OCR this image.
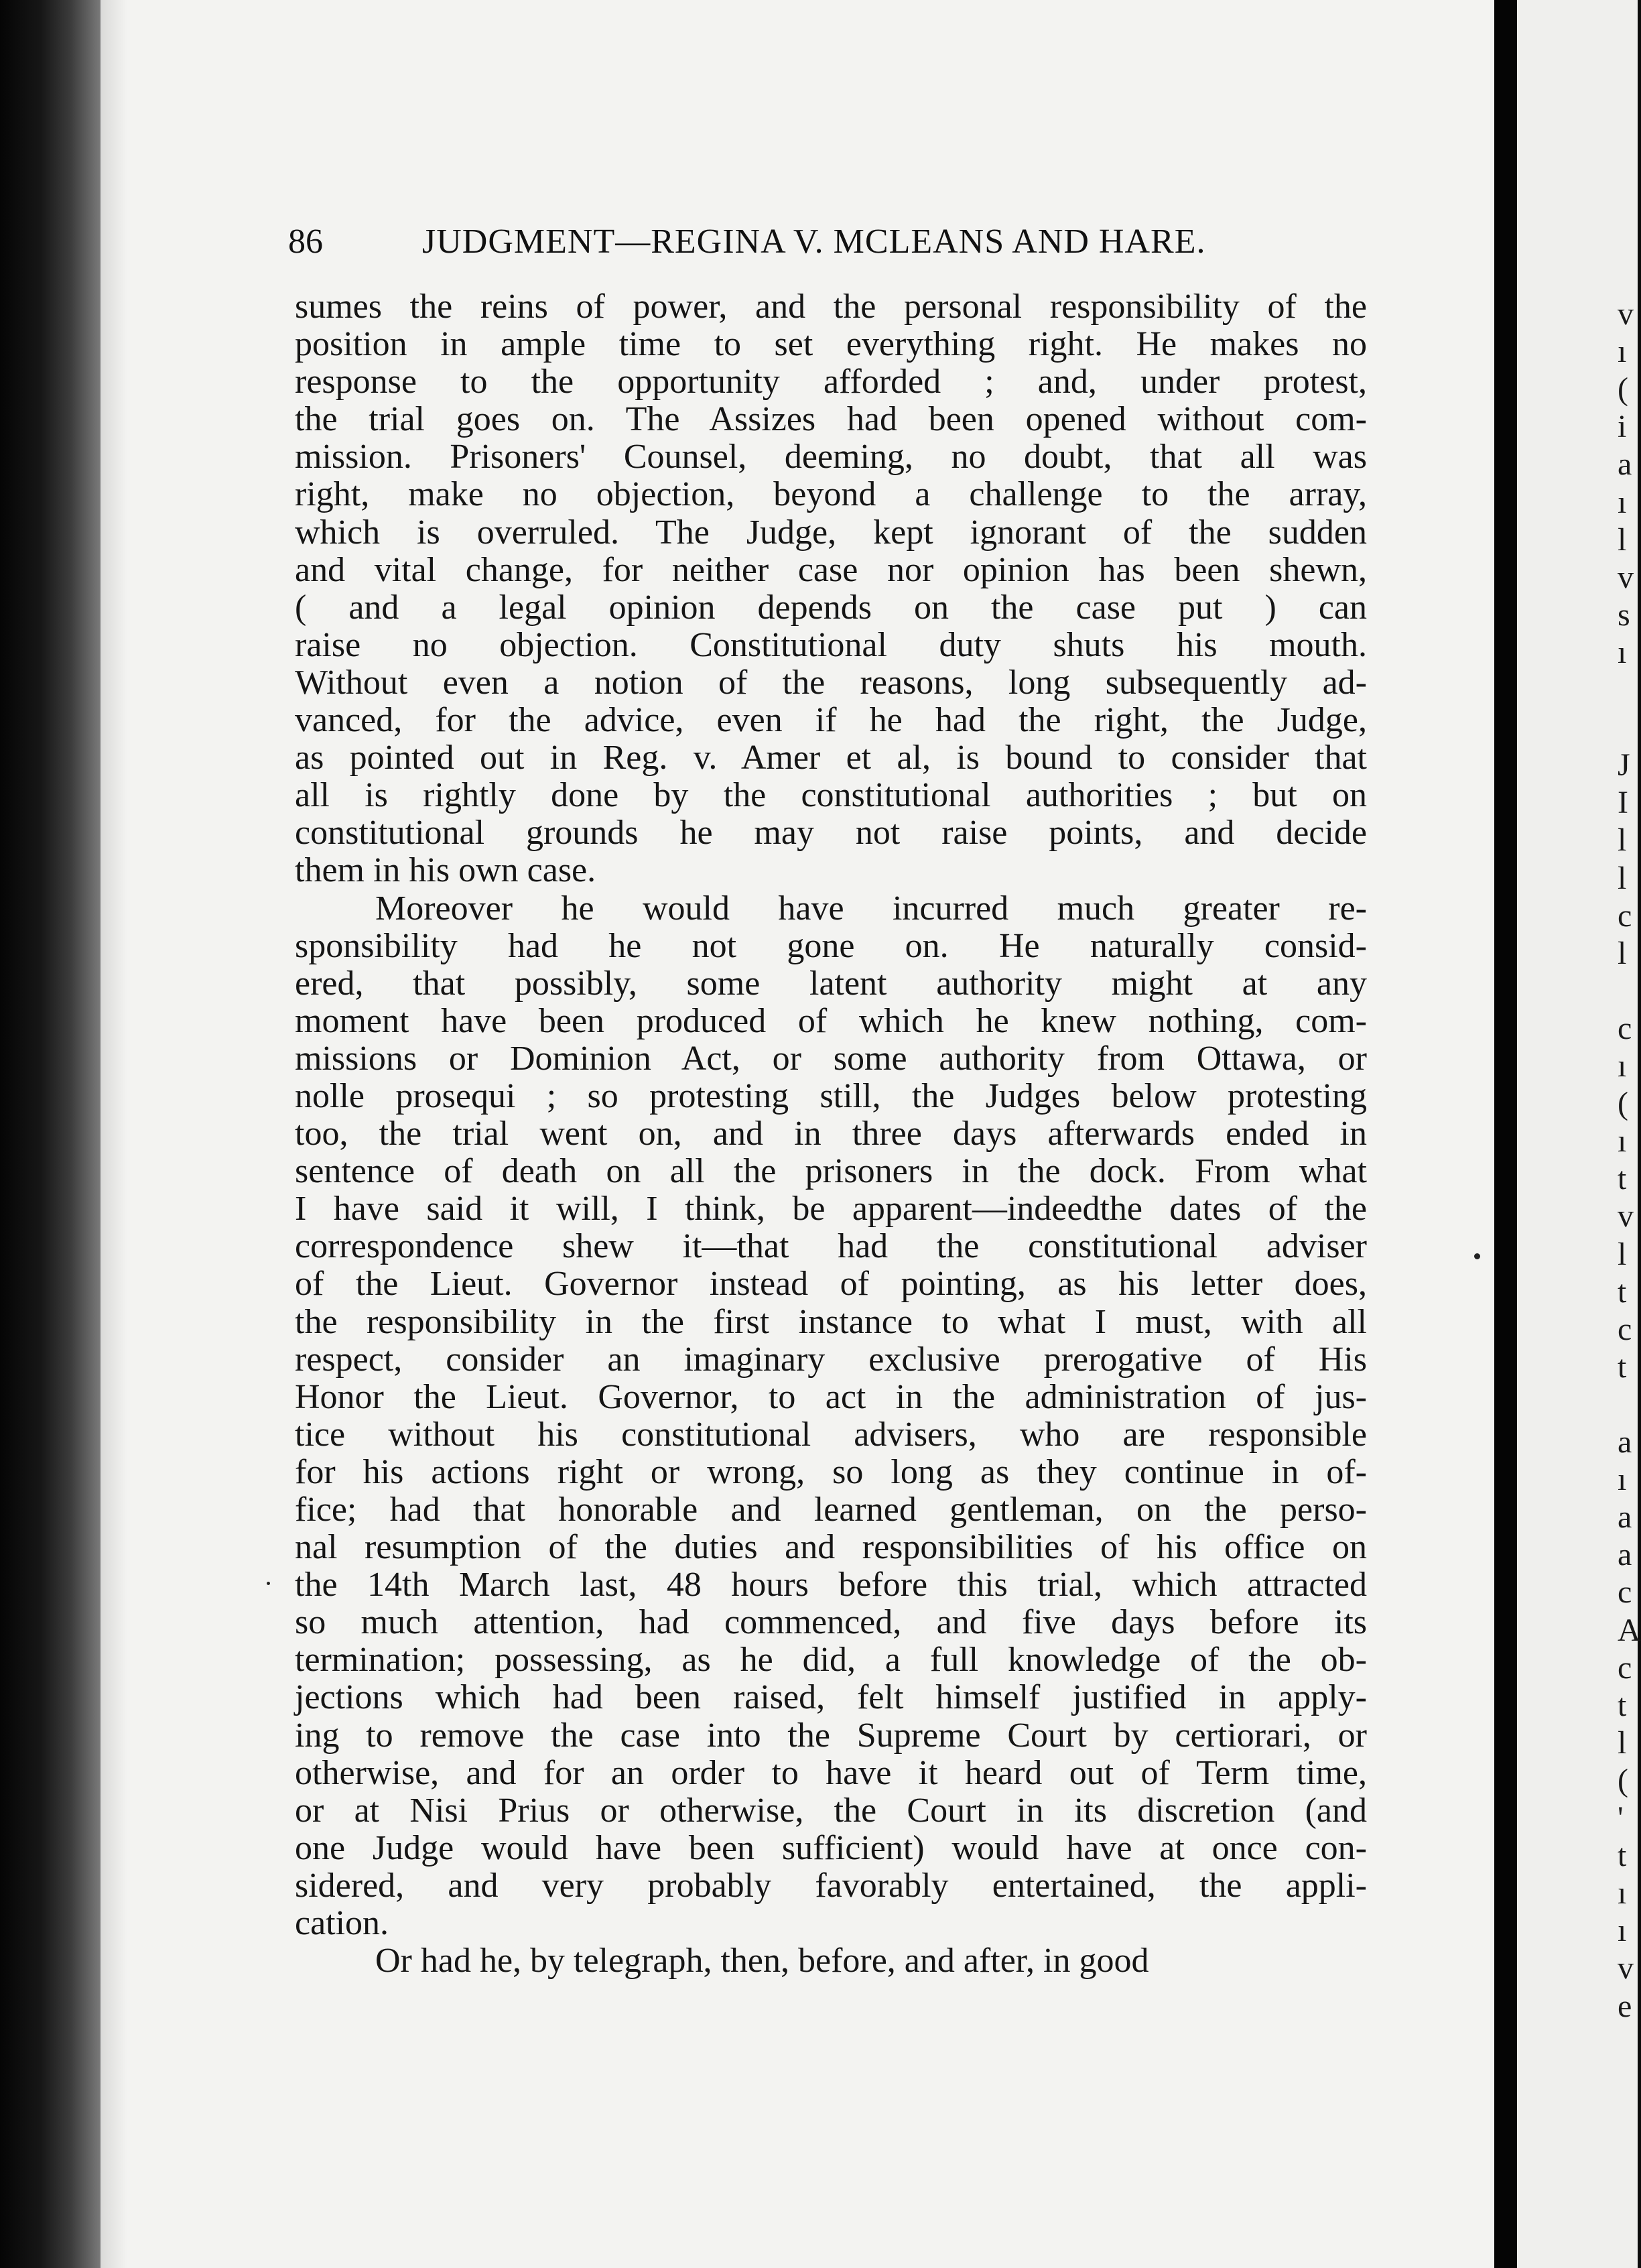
86	JUDGMENT—REGINA V. MCLEANS AND HARE.
sumes the reins of power, and the personal responsibility of the
position in ample time to set everything right. He makes no
response to the opportunity afforded ; and, under protest,
the trial goes on. The Assizes had been opened without com-
mission. Prisoners' Counsel, deeming, no doubt, that all was
right, make no objection, beyond a challenge to the array,
which is overruled. The Judge, kept ignorant of the sudden
and vital change, for neither case nor opinion has been shewn,
( and a legal opinion depends on the case put ) can
raise no objection. Constitutional duty shuts his mouth.
Without even a notion of the reasons, long subsequently ad-
vanced, for the advice, even if he had the right, the Judge,
as pointed out in Reg. v. Amer et al, is bound to consider that
all is rightly done by the constitutional authorities ; but on
constitutional grounds he may not raise points, and decide
them in his own case.
Moreover he would have incurred much greater re-
sponsibility had he not gone on. He naturally consid-
ered, that possibly, some latent authority might at any
moment have been produced of which he knew nothing, com-
missions or Dominion Act, or some authority from Ottawa, or
nolle prosequi ; so protesting still, the Judges below protesting
too, the trial went on, and in three days afterwards ended in
sentence of death on all the prisoners in the dock. From what
I have said it will, I think, be apparent—indeedthe dates of the
correspondence shew it—that had the constitutional adviser
of the Lieut. Governor instead of pointing, as his letter does,
the responsibility in the first instance to what I must, with all
respect, consider an imaginary exclusive prerogative of His
Honor the Lieut. Governor, to act in the administration of jus-
tice without his constitutional advisers, who are responsible
for his actions right or wrong, so long as they continue in of-
fice; had that honorable and learned gentleman, on the perso-
nal resumption of the duties and responsibilities of his office on
the 14th March last, 48 hours before this trial, which attracted
so much attention, had commenced, and five days before its
termination; possessing, as he did, a full knowledge of the ob-
jections which had been raised, felt himself justified in apply-
ing to remove the case into the Supreme Court by certiorari, or
otherwise, and for an order to have it heard out of Term time,
or at Nisi Prius or otherwise, the Court in its discretion (and
one Judge would have been sufficient) would have at once con-
sidered, and very probably favorably entertained, the appli-
cation.
Or had he, by telegraph, then, before, and after, in good
v
ı
(
i
a
ı
l
v
s
ı
J
I
l
l
c
l
c
ı
(
ı
t
v
l
t
c
t
a
ı
a
a
c
A
c
t
l
(
'
t
ı
ı
v
e
